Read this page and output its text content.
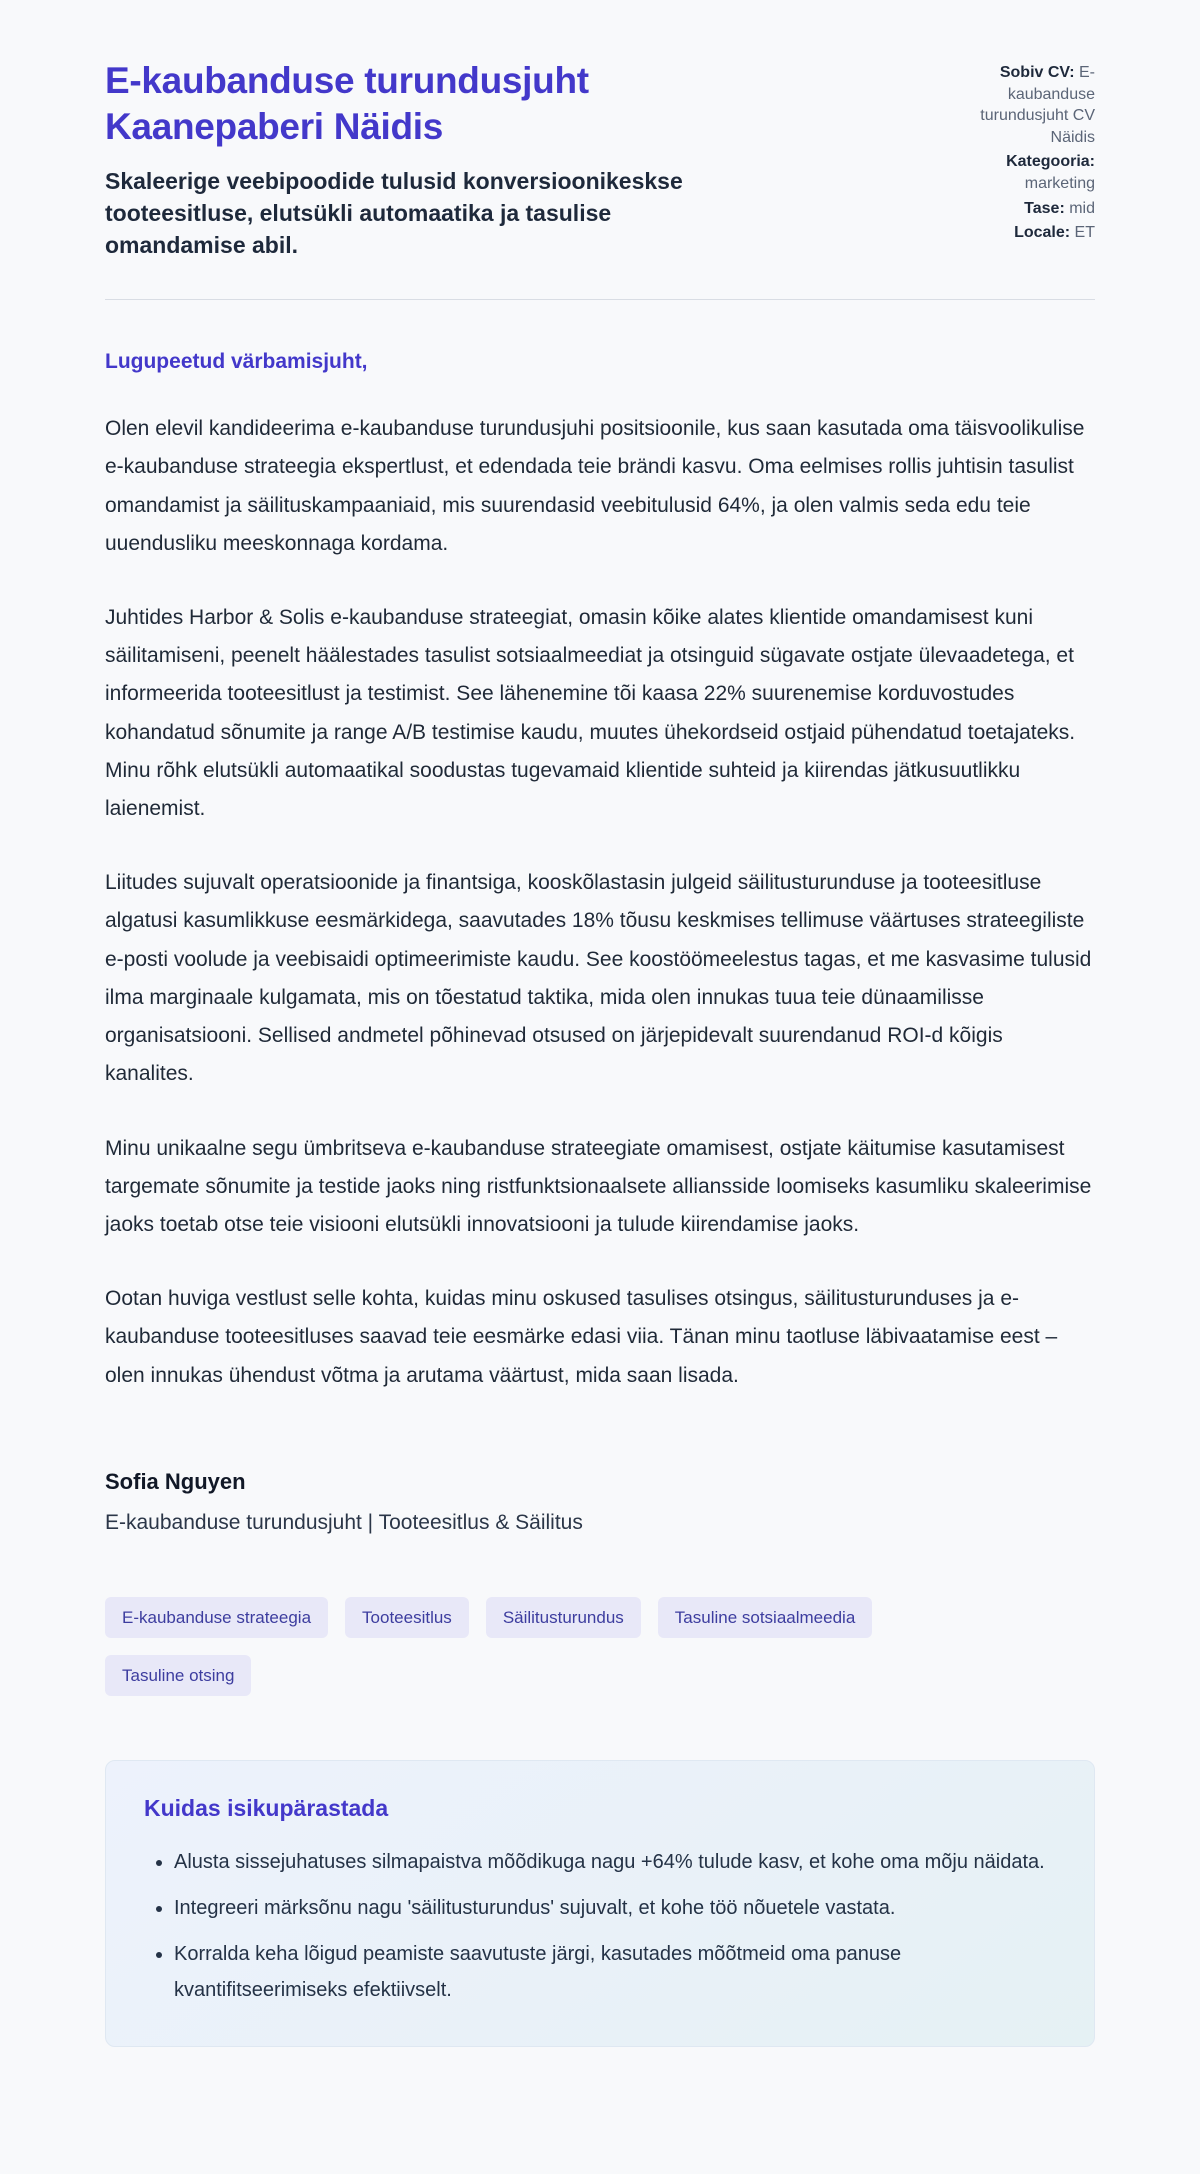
E-kaubanduse turundusjuht Kaanepaberi Näidis

Skaleerige veebipoodide tulusid konversioonikeskse tooteesitluse, elutsükli automaatika ja tasulise omandamise abil.

Sobiv CV: E-kaubanduse turundusjuht CV Näidis
Kategooria: marketing
Tase: mid
Locale: ET

Lugupeetud värbamisjuht,

Olen elevil kandideerima e-kaubanduse turundusjuhi positsioonile, kus saan kasutada oma täisvoolikulise e-kaubanduse strateegia ekspertlust, et edendada teie brändi kasvu. Oma eelmises rollis juhtisin tasulist omandamist ja säilituskampaaniaid, mis suurendasid veebitulusid 64%, ja olen valmis seda edu teie uuendusliku meeskonnaga kordama.

Juhtides Harbor & Solis e-kaubanduse strateegiat, omasin kõike alates klientide omandamisest kuni säilitamiseni, peenelt häälestades tasulist sotsiaalmeediat ja otsinguid sügavate ostjate ülevaadetega, et informeerida tooteesitlust ja testimist. See lähenemine tõi kaasa 22% suurenemise korduvostudes kohandatud sõnumite ja range A/B testimise kaudu, muutes ühekordseid ostjaid pühendatud toetajateks. Minu rõhk elutsükli automaatikal soodustas tugevamaid klientide suhteid ja kiirendas jätkusuutlikku laienemist.

Liitudes sujuvalt operatsioonide ja finantsiga, kooskõlastasin julgeid säilitusturunduse ja tooteesitluse algatusi kasumlikkuse eesmärkidega, saavutades 18% tõusu keskmises tellimuse väärtuses strateegiliste e-posti voolude ja veebisaidi optimeerimiste kaudu. See koostöömeelestus tagas, et me kasvasime tulusid ilma marginaale kulgamata, mis on tõestatud taktika, mida olen innukas tuua teie dünaamilisse organisatsiooni. Sellised andmetel põhinevad otsused on järjepidevalt suurendanud ROI-d kõigis kanalites.

Minu unikaalne segu ümbritseva e-kaubanduse strateegiate omamisest, ostjate käitumise kasutamisest targemate sõnumite ja testide jaoks ning ristfunktsionaalsete alliansside loomiseks kasumliku skaleerimise jaoks toetab otse teie visiooni elutsükli innovatsiooni ja tulude kiirendamise jaoks.

Ootan huviga vestlust selle kohta, kuidas minu oskused tasulises otsingus, säilitusturunduses ja e-kaubanduse tooteesitluses saavad teie eesmärke edasi viia. Tänan minu taotluse läbivaatamise eest – olen innukas ühendust võtma ja arutama väärtust, mida saan lisada.

Sofia Nguyen

E-kaubanduse turundusjuht | Tooteesitlus & Säilitus

E-kaubanduse strateegia	Tooteesitlus	Säilitusturundus	Tasuline sotsiaalmeedia
Tasuline otsing
Kuidas isikupärastada
• Alusta sissejuhatuses silmapaistva mõõdikuga nagu +64% tulude kasv, et kohe oma mõju näidata.
• Integreeri märksõnu nagu 'säilitusturundus' sujuvalt, et kohe töö nõuetele vastata.
• Korralda keha lõigud peamiste saavutuste järgi, kasutades mõõtmeid oma panuse kvantifitseerimiseks efektiivselt.
